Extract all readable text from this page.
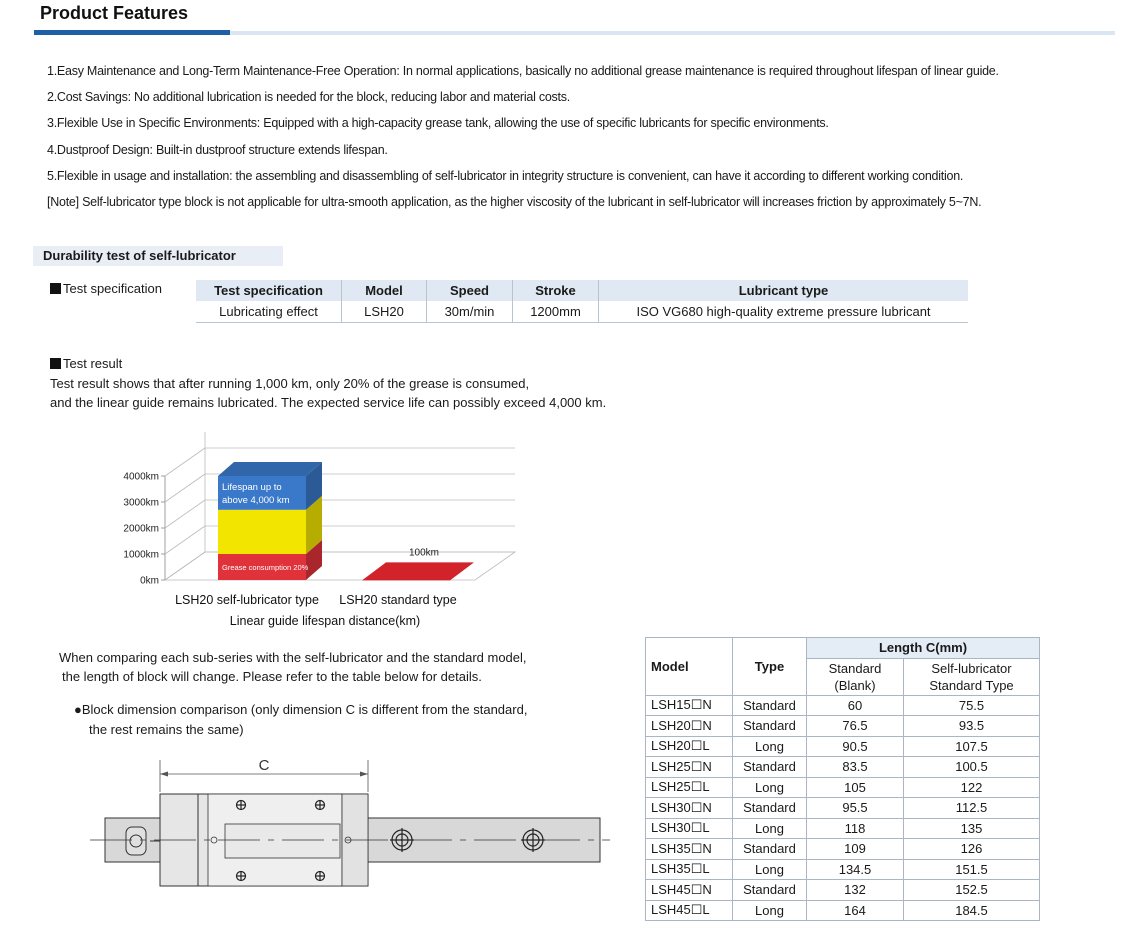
Product Features
1.Easy Maintenance and Long-Term Maintenance-Free Operation: In normal applications, basically no additional grease maintenance is required throughout lifespan of linear guide.
2.Cost Savings: No additional lubrication is needed for the block, reducing labor and material costs.
3.Flexible Use in Specific Environments: Equipped with a high-capacity grease tank, allowing the use of specific lubricants for specific environments.
4.Dustproof Design: Built-in dustproof structure extends lifespan.
5.Flexible in usage and installation: the assembling and disassembling of self-lubricator in integrity structure is convenient, can have it according to different working condition.
[Note] Self-lubricator type block is not applicable for ultra-smooth application, as the higher viscosity of the lubricant in self-lubricator will increases friction by approximately 5~7N.
Durability test of self-lubricator
Test specification	Test specification	Model	Speed	Stroke	Lubricant type
Lubricating effect	LSH20	30m/min	1200mm	ISO VG680 high-quality extreme pressure lubricant
Test result
Test result shows that after running 1,000 km, only 20% of the grease is consumed,
and the linear guide remains lubricated. The expected service life can possibly exceed 4,000 km.
0km
1000km
2000km
3000km
4000km
Grease consumption 20%
Lifespan up to
above 4,000 km
100km
LSH20 self-lubricator type LSH20 standard type
Linear guide lifespan distance(km)
When comparing each sub-series with the self-lubricator and the standard model,
the length of block will change. Please refer to the table below for details.
●Block dimension comparison (only dimension C is different from the standard,
the rest remains the same)
C
Model	Type	Length C(mm)	
		Standard (Blank)	Self-lubricator Standard Type
LSH15☐N	Standard	60	75.5
LSH20☐N	Standard	76.5	93.5
LSH20☐L	Long	90.5	107.5
LSH25☐N	Standard	83.5	100.5
LSH25☐L	Long	105	122
LSH30☐N	Standard	95.5	112.5
LSH30☐L	Long	118	135
LSH35☐N	Standard	109	126
LSH35☐L	Long	134.5	151.5
LSH45☐N	Standard	132	152.5
LSH45☐L	Long	164	184.5
